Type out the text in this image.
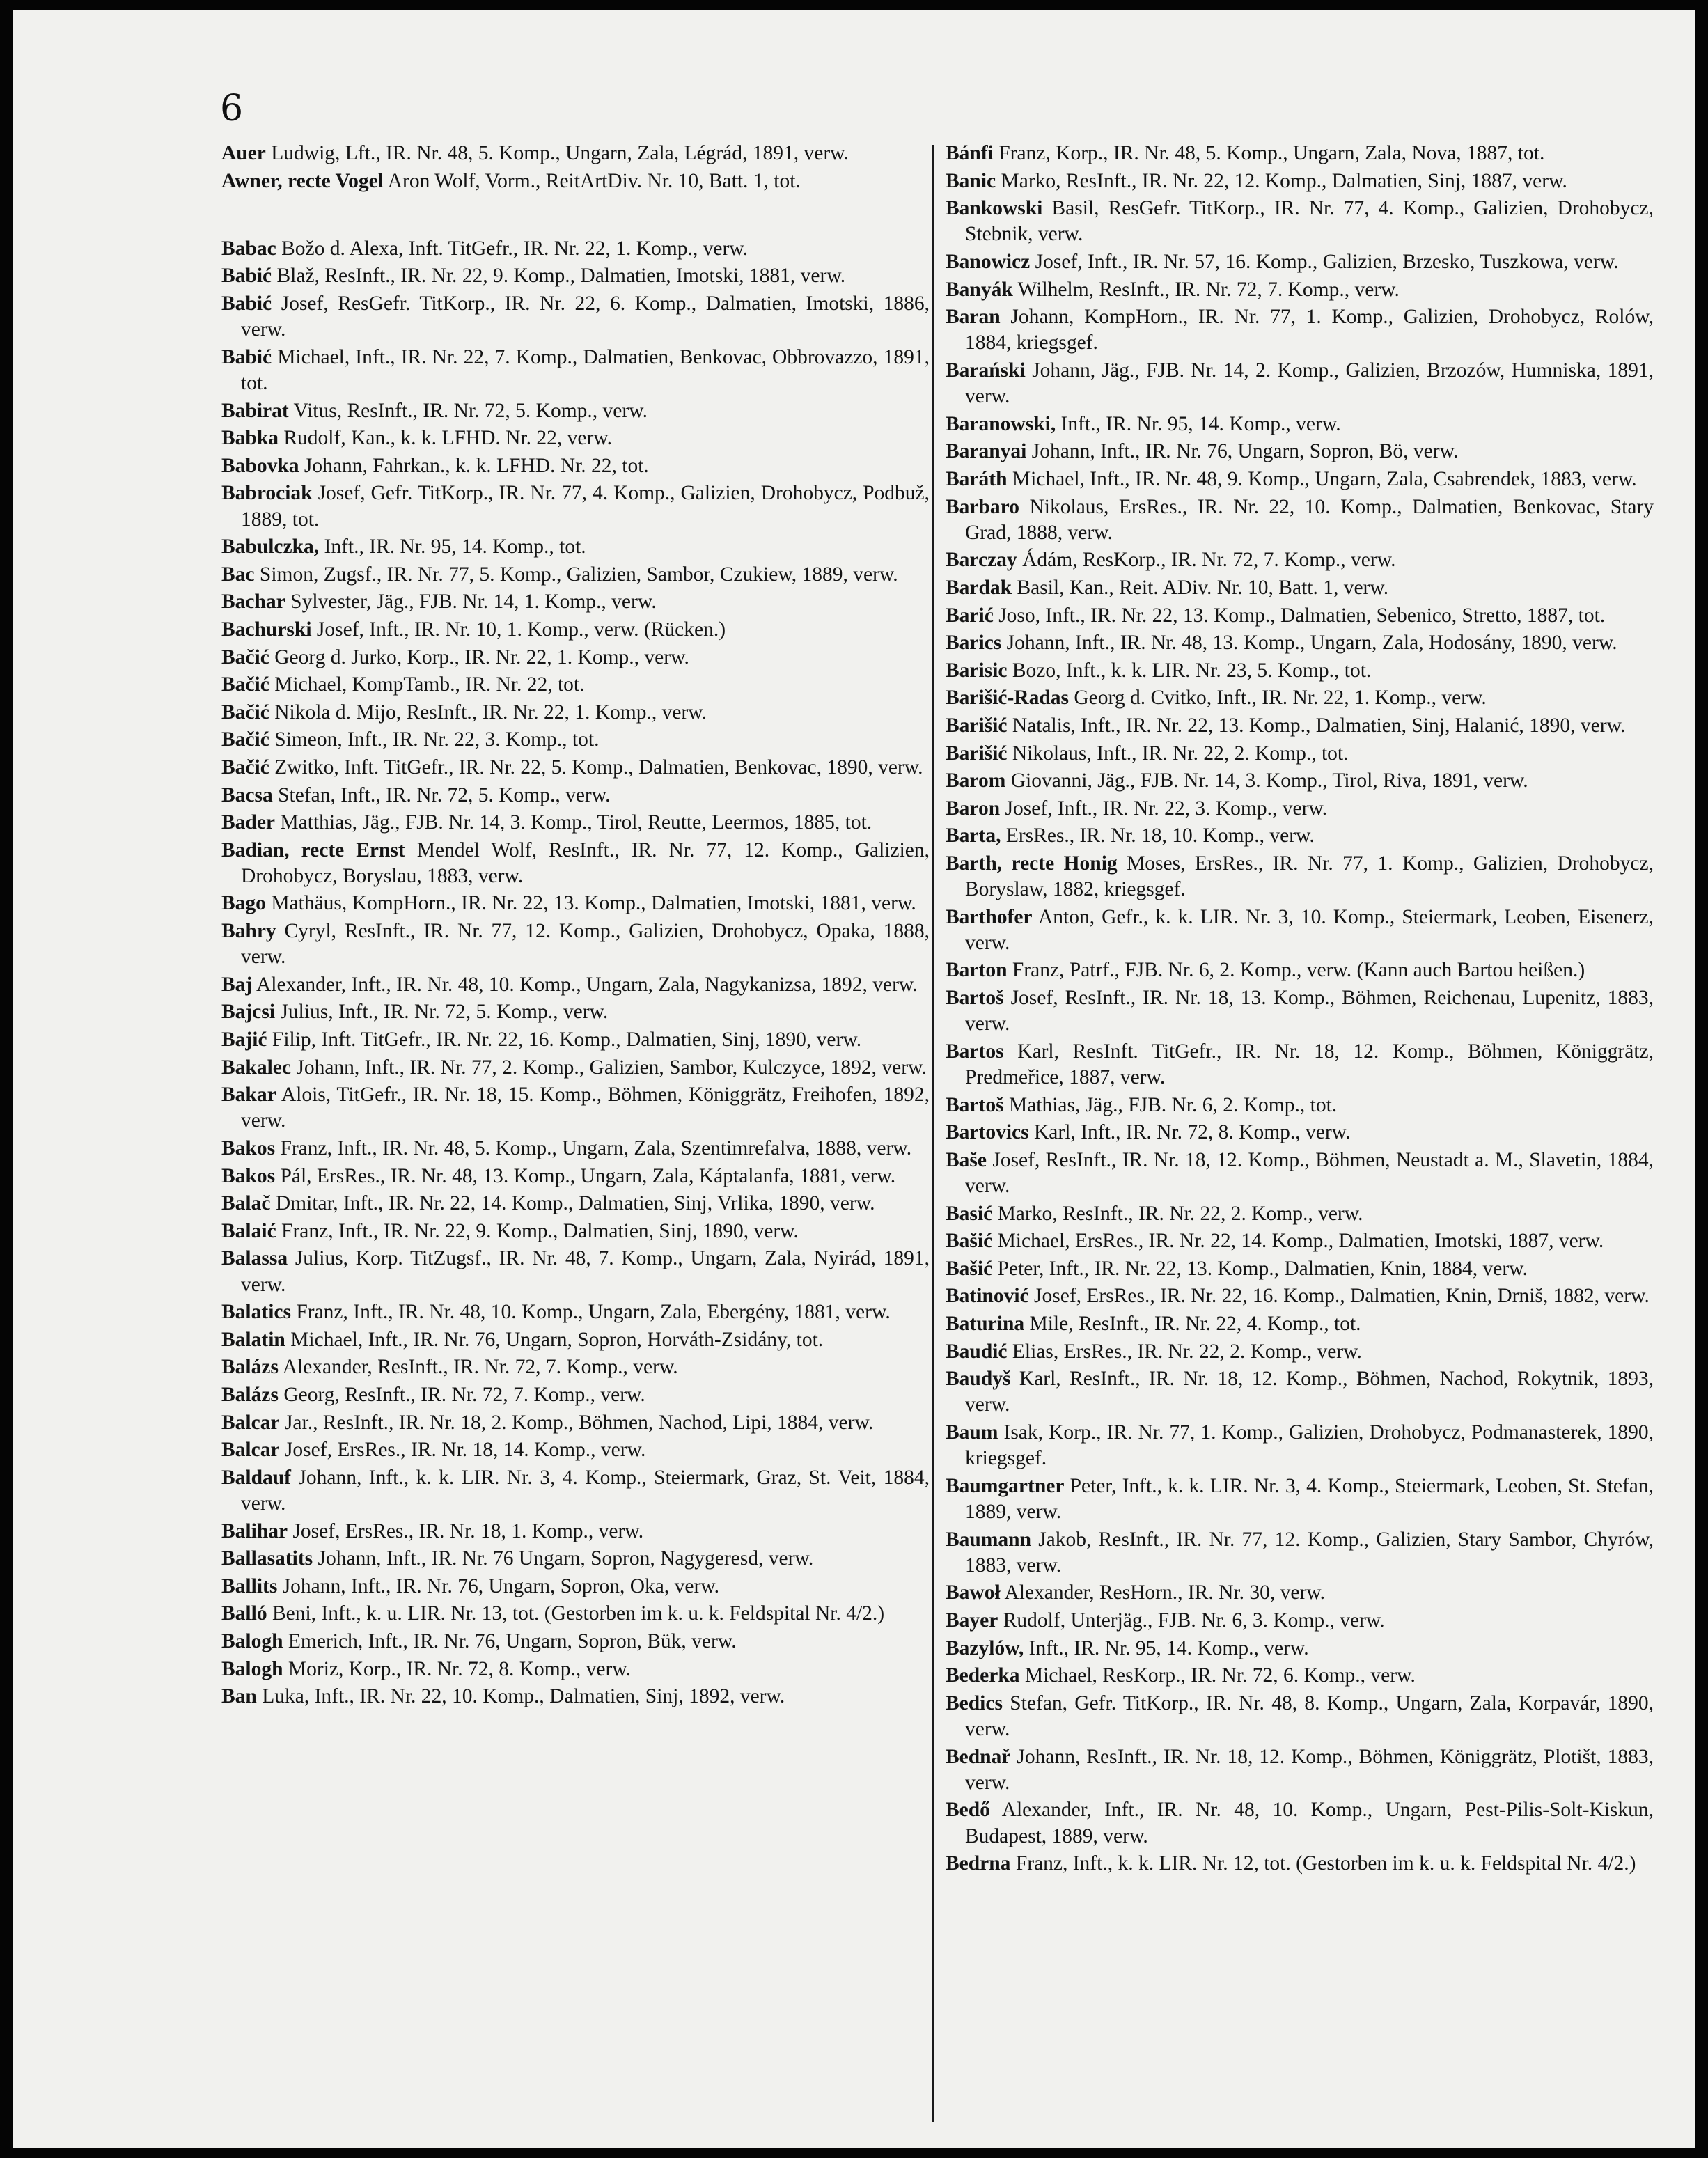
6

Auer Ludwig, Lft., IR. Nr. 48, 5. Komp., Ungarn, Zala, Légrád, 1891, verw.

Awner, recte Vogel Aron Wolf, Vorm., ReitArtDiv. Nr. 10, Batt. 1, tot.

Babac Božo d. Alexa, Inft. TitGefr., IR. Nr. 22, 1. Komp., verw.

Babić Blaž, ResInft., IR. Nr. 22, 9. Komp., Dalmatien, Imotski, 1881, verw.

Babić Josef, ResGefr. TitKorp., IR. Nr. 22, 6. Komp., Dalmatien, Imotski, 1886, verw.

Babić Michael, Inft., IR. Nr. 22, 7. Komp., Dalmatien, Benkovac, Obbrovazzo, 1891, tot.

Babirat Vitus, ResInft., IR. Nr. 72, 5. Komp., verw.

Babka Rudolf, Kan., k. k. LFHD. Nr. 22, verw.

Babovka Johann, Fahrkan., k. k. LFHD. Nr. 22, tot.

Babrociak Josef, Gefr. TitKorp., IR. Nr. 77, 4. Komp., Galizien, Drohobycz, Podbuž, 1889, tot.

Babulczka, Inft., IR. Nr. 95, 14. Komp., tot.

Bac Simon, Zugsf., IR. Nr. 77, 5. Komp., Galizien, Sambor, Czukiew, 1889, verw.

Bachar Sylvester, Jäg., FJB. Nr. 14, 1. Komp., verw.

Bachurski Josef, Inft., IR. Nr. 10, 1. Komp., verw. (Rücken.)

Bačić Georg d. Jurko, Korp., IR. Nr. 22, 1. Komp., verw.

Bačić Michael, KompTamb., IR. Nr. 22, tot.

Bačić Nikola d. Mijo, ResInft., IR. Nr. 22, 1. Komp., verw.

Bačić Simeon, Inft., IR. Nr. 22, 3. Komp., tot.

Bačić Zwitko, Inft. TitGefr., IR. Nr. 22, 5. Komp., Dalmatien, Benkovac, 1890, verw.

Bacsa Stefan, Inft., IR. Nr. 72, 5. Komp., verw.

Bader Matthias, Jäg., FJB. Nr. 14, 3. Komp., Tirol, Reutte, Leermos, 1885, tot.

Badian, recte Ernst Mendel Wolf, ResInft., IR. Nr. 77, 12. Komp., Galizien, Drohobycz, Boryslau, 1883, verw.

Bago Mathäus, KompHorn., IR. Nr. 22, 13. Komp., Dalmatien, Imotski, 1881, verw.

Bahry Cyryl, ResInft., IR. Nr. 77, 12. Komp., Galizien, Drohobycz, Opaka, 1888, verw.

Baj Alexander, Inft., IR. Nr. 48, 10. Komp., Ungarn, Zala, Nagykanizsa, 1892, verw.

Bajcsi Julius, Inft., IR. Nr. 72, 5. Komp., verw.

Bajić Filip, Inft. TitGefr., IR. Nr. 22, 16. Komp., Dalmatien, Sinj, 1890, verw.

Bakalec Johann, Inft., IR. Nr. 77, 2. Komp., Galizien, Sambor, Kulczyce, 1892, verw.

Bakar Alois, TitGefr., IR. Nr. 18, 15. Komp., Böhmen, Königgrätz, Freihofen, 1892, verw.

Bakos Franz, Inft., IR. Nr. 48, 5. Komp., Ungarn, Zala, Szentimrefalva, 1888, verw.

Bakos Pál, ErsRes., IR. Nr. 48, 13. Komp., Ungarn, Zala, Káptalanfa, 1881, verw.

Balač Dmitar, Inft., IR. Nr. 22, 14. Komp., Dalmatien, Sinj, Vrlika, 1890, verw.

Balaić Franz, Inft., IR. Nr. 22, 9. Komp., Dalmatien, Sinj, 1890, verw.

Balassa Julius, Korp. TitZugsf., IR. Nr. 48, 7. Komp., Ungarn, Zala, Nyirád, 1891, verw.

Balatics Franz, Inft., IR. Nr. 48, 10. Komp., Ungarn, Zala, Ebergény, 1881, verw.

Balatin Michael, Inft., IR. Nr. 76, Ungarn, Sopron, Horváth-Zsidány, tot.

Balázs Alexander, ResInft., IR. Nr. 72, 7. Komp., verw.

Balázs Georg, ResInft., IR. Nr. 72, 7. Komp., verw.

Balcar Jar., ResInft., IR. Nr. 18, 2. Komp., Böhmen, Nachod, Lipi, 1884, verw.

Balcar Josef, ErsRes., IR. Nr. 18, 14. Komp., verw.

Baldauf Johann, Inft., k. k. LIR. Nr. 3, 4. Komp., Steiermark, Graz, St. Veit, 1884, verw.

Balihar Josef, ErsRes., IR. Nr. 18, 1. Komp., verw.

Ballasatits Johann, Inft., IR. Nr. 76 Ungarn, Sopron, Nagygeresd, verw.

Ballits Johann, Inft., IR. Nr. 76, Ungarn, Sopron, Oka, verw.

Balló Beni, Inft., k. u. LIR. Nr. 13, tot. (Gestorben im k. u. k. Feldspital Nr. 4/2.)

Balogh Emerich, Inft., IR. Nr. 76, Ungarn, Sopron, Bük, verw.

Balogh Moriz, Korp., IR. Nr. 72, 8. Komp., verw.

Ban Luka, Inft., IR. Nr. 22, 10. Komp., Dalmatien, Sinj, 1892, verw.

Bánfi Franz, Korp., IR. Nr. 48, 5. Komp., Ungarn, Zala, Nova, 1887, tot.

Banic Marko, ResInft., IR. Nr. 22, 12. Komp., Dalmatien, Sinj, 1887, verw.

Bankowski Basil, ResGefr. TitKorp., IR. Nr. 77, 4. Komp., Galizien, Drohobycz, Stebnik, verw.

Banowicz Josef, Inft., IR. Nr. 57, 16. Komp., Galizien, Brzesko, Tuszkowa, verw.

Banyák Wilhelm, ResInft., IR. Nr. 72, 7. Komp., verw.

Baran Johann, KompHorn., IR. Nr. 77, 1. Komp., Galizien, Drohobycz, Rolów, 1884, kriegsgef.

Barański Johann, Jäg., FJB. Nr. 14, 2. Komp., Galizien, Brzozów, Humniska, 1891, verw.

Baranowski, Inft., IR. Nr. 95, 14. Komp., verw.

Baranyai Johann, Inft., IR. Nr. 76, Ungarn, Sopron, Bö, verw.

Baráth Michael, Inft., IR. Nr. 48, 9. Komp., Ungarn, Zala, Csabrendek, 1883, verw.

Barbaro Nikolaus, ErsRes., IR. Nr. 22, 10. Komp., Dalmatien, Benkovac, Stary Grad, 1888, verw.

Barczay Ádám, ResKorp., IR. Nr. 72, 7. Komp., verw.

Bardak Basil, Kan., Reit. ADiv. Nr. 10, Batt. 1, verw.

Barić Joso, Inft., IR. Nr. 22, 13. Komp., Dalmatien, Sebenico, Stretto, 1887, tot.

Barics Johann, Inft., IR. Nr. 48, 13. Komp., Ungarn, Zala, Hodosány, 1890, verw.

Barisic Bozo, Inft., k. k. LIR. Nr. 23, 5. Komp., tot.

Barišić-Radas Georg d. Cvitko, Inft., IR. Nr. 22, 1. Komp., verw.

Barišić Natalis, Inft., IR. Nr. 22, 13. Komp., Dalmatien, Sinj, Halanić, 1890, verw.

Barišić Nikolaus, Inft., IR. Nr. 22, 2. Komp., tot.

Barom Giovanni, Jäg., FJB. Nr. 14, 3. Komp., Tirol, Riva, 1891, verw.

Baron Josef, Inft., IR. Nr. 22, 3. Komp., verw.

Barta, ErsRes., IR. Nr. 18, 10. Komp., verw.

Barth, recte Honig Moses, ErsRes., IR. Nr. 77, 1. Komp., Galizien, Drohobycz, Boryslaw, 1882, kriegsgef.

Barthofer Anton, Gefr., k. k. LIR. Nr. 3, 10. Komp., Steiermark, Leoben, Eisenerz, verw.

Barton Franz, Patrf., FJB. Nr. 6, 2. Komp., verw. (Kann auch Bartou heißen.)

Bartoš Josef, ResInft., IR. Nr. 18, 13. Komp., Böhmen, Reichenau, Lupenitz, 1883, verw.

Bartos Karl, ResInft. TitGefr., IR. Nr. 18, 12. Komp., Böhmen, Königgrätz, Predmeřice, 1887, verw.

Bartoš Mathias, Jäg., FJB. Nr. 6, 2. Komp., tot.

Bartovics Karl, Inft., IR. Nr. 72, 8. Komp., verw.

Baše Josef, ResInft., IR. Nr. 18, 12. Komp., Böhmen, Neustadt a. M., Slavetin, 1884, verw.

Basić Marko, ResInft., IR. Nr. 22, 2. Komp., verw.

Bašić Michael, ErsRes., IR. Nr. 22, 14. Komp., Dalmatien, Imotski, 1887, verw.

Bašić Peter, Inft., IR. Nr. 22, 13. Komp., Dalmatien, Knin, 1884, verw.

Batinović Josef, ErsRes., IR. Nr. 22, 16. Komp., Dalmatien, Knin, Drniš, 1882, verw.

Baturina Mile, ResInft., IR. Nr. 22, 4. Komp., tot.

Baudić Elias, ErsRes., IR. Nr. 22, 2. Komp., verw.

Baudyš Karl, ResInft., IR. Nr. 18, 12. Komp., Böhmen, Nachod, Rokytnik, 1893, verw.

Baum Isak, Korp., IR. Nr. 77, 1. Komp., Galizien, Drohobycz, Podmanasterek, 1890, kriegsgef.

Baumgartner Peter, Inft., k. k. LIR. Nr. 3, 4. Komp., Steiermark, Leoben, St. Stefan, 1889, verw.

Baumann Jakob, ResInft., IR. Nr. 77, 12. Komp., Galizien, Stary Sambor, Chyrów, 1883, verw.

Bawoł Alexander, ResHorn., IR. Nr. 30, verw.

Bayer Rudolf, Unterjäg., FJB. Nr. 6, 3. Komp., verw.

Bazylów, Inft., IR. Nr. 95, 14. Komp., verw.

Bederka Michael, ResKorp., IR. Nr. 72, 6. Komp., verw.

Bedics Stefan, Gefr. TitKorp., IR. Nr. 48, 8. Komp., Ungarn, Zala, Korpavár, 1890, verw.

Bednař Johann, ResInft., IR. Nr. 18, 12. Komp., Böhmen, Königgrätz, Plotišt, 1883, verw.

Bedő Alexander, Inft., IR. Nr. 48, 10. Komp., Ungarn, Pest-Pilis-Solt-Kiskun, Budapest, 1889, verw.

Bedrna Franz, Inft., k. k. LIR. Nr. 12, tot. (Gestorben im k. u. k. Feldspital Nr. 4/2.)
